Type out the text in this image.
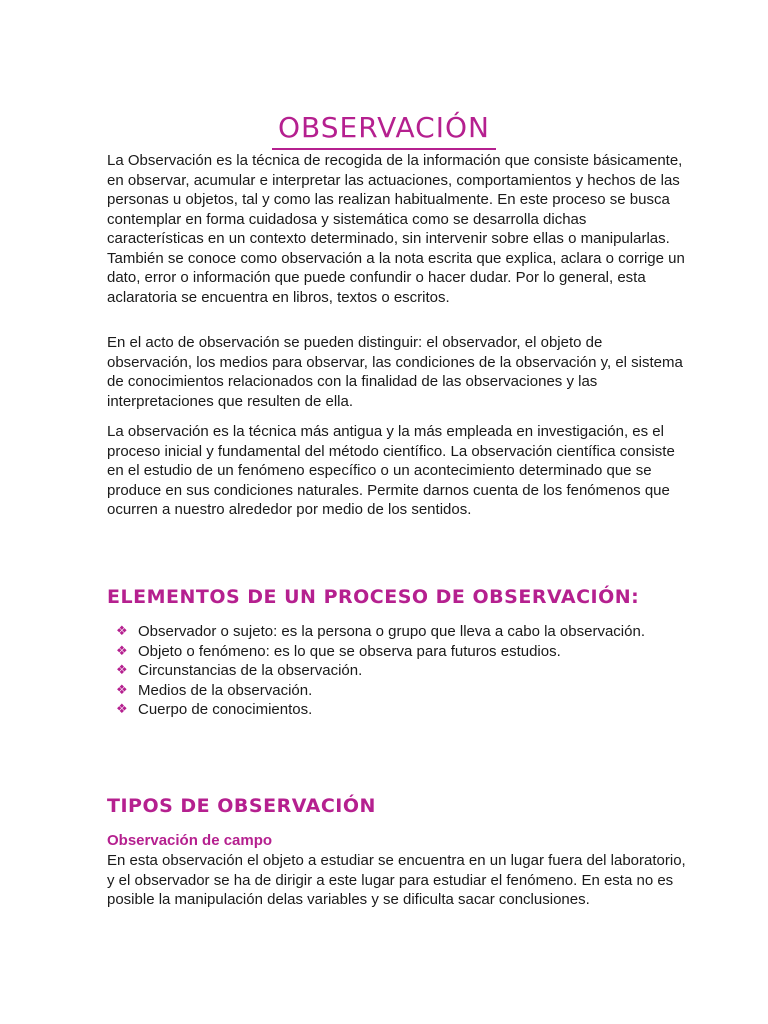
OBSERVACIÓN

La Observación es la técnica de recogida de la información que consiste básicamente, en observar, acumular e interpretar las actuaciones, comportamientos y hechos de las personas u objetos, tal y como las realizan habitualmente. En este proceso se busca contemplar en forma cuidadosa y sistemática como se desarrolla dichas características en un contexto determinado, sin intervenir sobre ellas o manipularlas. También se conoce como observación a la nota escrita que explica, aclara o corrige un dato, error o información que puede confundir o hacer dudar. Por lo general, esta aclaratoria se encuentra en libros, textos o escritos.

En el acto de observación se pueden distinguir: el observador, el objeto de observación, los medios para observar, las condiciones de la observación y, el sistema de conocimientos relacionados con la finalidad de las observaciones y las interpretaciones que resulten de ella.

La observación es la técnica más antigua y la más empleada en investigación, es el proceso inicial y fundamental del método científico. La observación científica consiste en el estudio de un fenómeno específico o un acontecimiento determinado que se produce en sus condiciones naturales. Permite darnos cuenta de los fenómenos que ocurren a nuestro alrededor por medio de los sentidos.

ELEMENTOS DE UN PROCESO DE OBSERVACIÓN:
❖ Observador o sujeto: es la persona o grupo que lleva a cabo la observación.
❖ Objeto o fenómeno: es lo que se observa para futuros estudios.
❖ Circunstancias de la observación.
❖ Medios de la observación.
❖ Cuerpo de conocimientos.
TIPOS DE OBSERVACIÓN
Observación de campo

En esta observación el objeto a estudiar se encuentra en un lugar fuera del laboratorio, y el observador se ha de dirigir a este lugar para estudiar el fenómeno. En esta no es posible la manipulación delas variables y se dificulta sacar conclusiones.
